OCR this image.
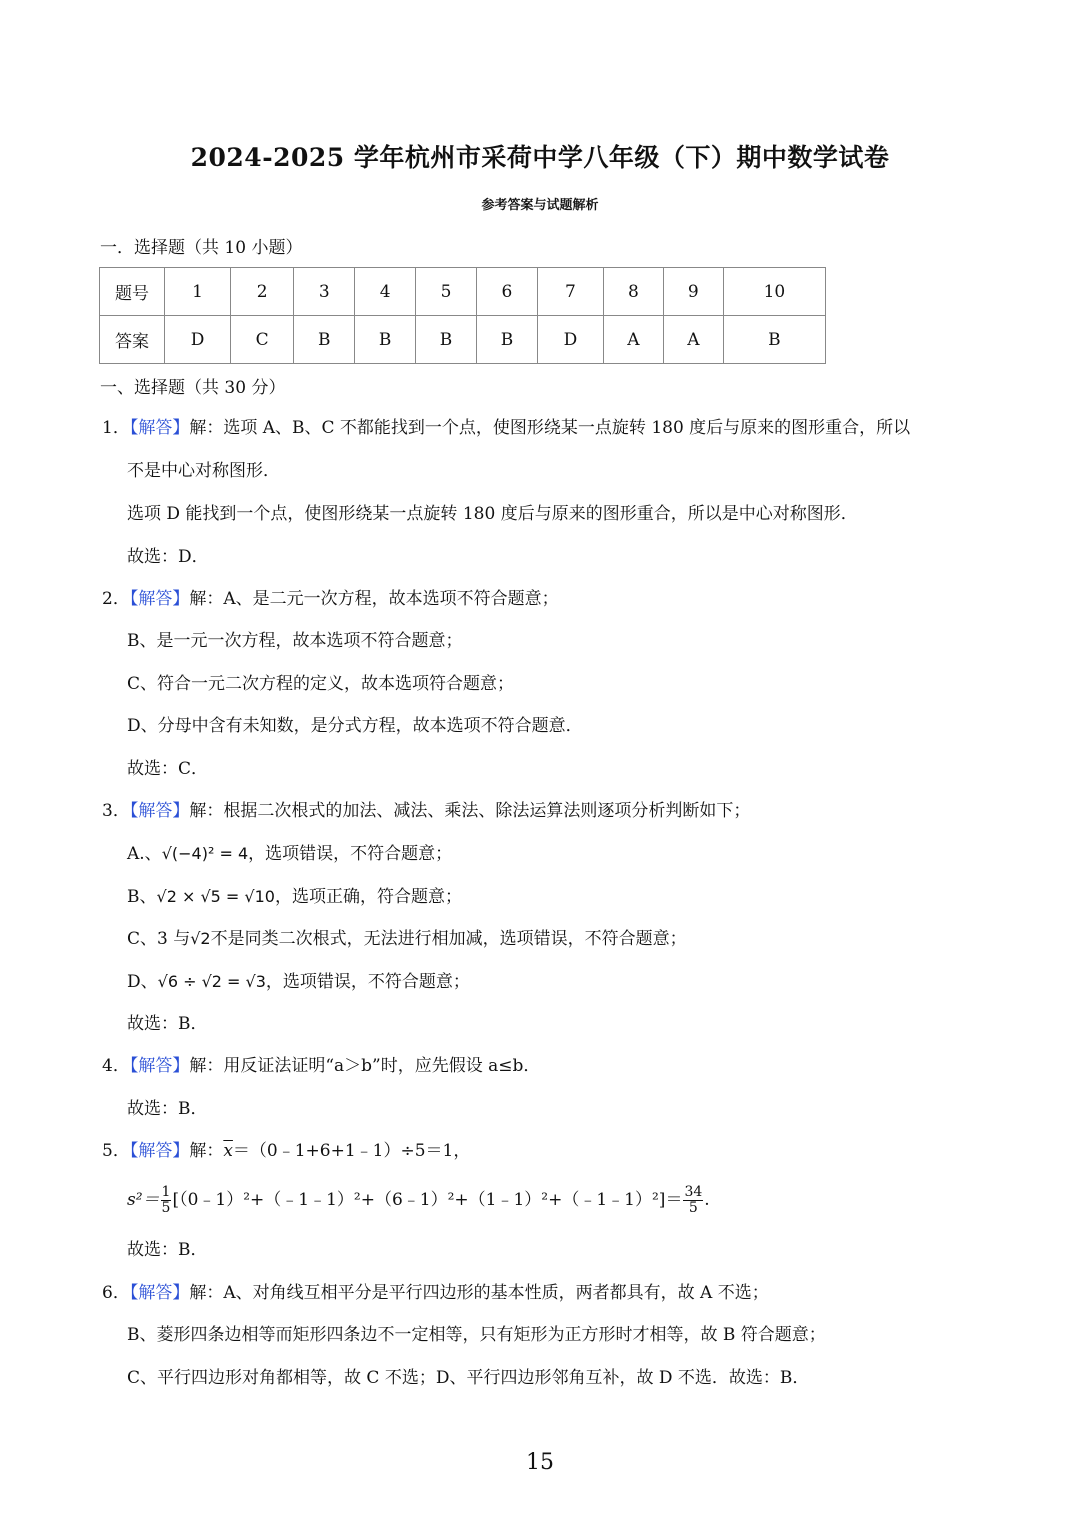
2024-2025 学年杭州市采荷中学八年级（下）期中数学试卷
参考答案与试题解析
一．选择题（共 10 小题）
题号	1	2	3	4	5	6	7	8	9	10
答案	D	C	B	B	B	B	D	A	A	B
一、选择题（共 30 分）
1．【解答】解：选项 A、B、C 不都能找到一个点，使图形绕某一点旋转 180 度后与原来的图形重合，所以
不是中心对称图形．
选项 D 能找到一个点，使图形绕某一点旋转 180 度后与原来的图形重合，所以是中心对称图形．
故选：D．
2．【解答】解：A、是二元一次方程，故本选项不符合题意；
B、是一元一次方程，故本选项不符合题意；
C、符合一元二次方程的定义，故本选项符合题意；
D、分母中含有未知数，是分式方程，故本选项不符合题意．
故选：C．
3．【解答】解：根据二次根式的加法、减法、乘法、除法运算法则逐项分析判断如下；
A.、√(−4)² = 4，选项错误，不符合题意；
B、√2 × √5 = √10，选项正确，符合题意；
C、3 与√2不是同类二次根式，无法进行相加减，选项错误，不符合题意；
D、√6 ÷ √2 = √3，选项错误，不符合题意；
故选：B．
4．【解答】解：用反证法证明“a＞b”时，应先假设 a≤b．
故选：B．
5．【解答】解：$\overline{x}=(0﹣1+6+1﹣1)\div 5=1$，
$s^2= \frac{1}{5}$ [（0﹣1）²+（﹣1﹣1）²+（6﹣1）²+（1﹣1）²+（﹣1﹣1）²]＝ $\frac{34}{5}$ .
故选：B．
6．【解答】解：A、对角线互相平分是平行四边形的基本性质，两者都具有，故 A 不选；
B、菱形四条边相等而矩形四条边不一定相等，只有矩形为正方形时才相等，故 B 符合题意；
C、平行四边形对角都相等，故 C 不选；D、平行四边形邻角互补，故 D 不选．故选：B．
15
